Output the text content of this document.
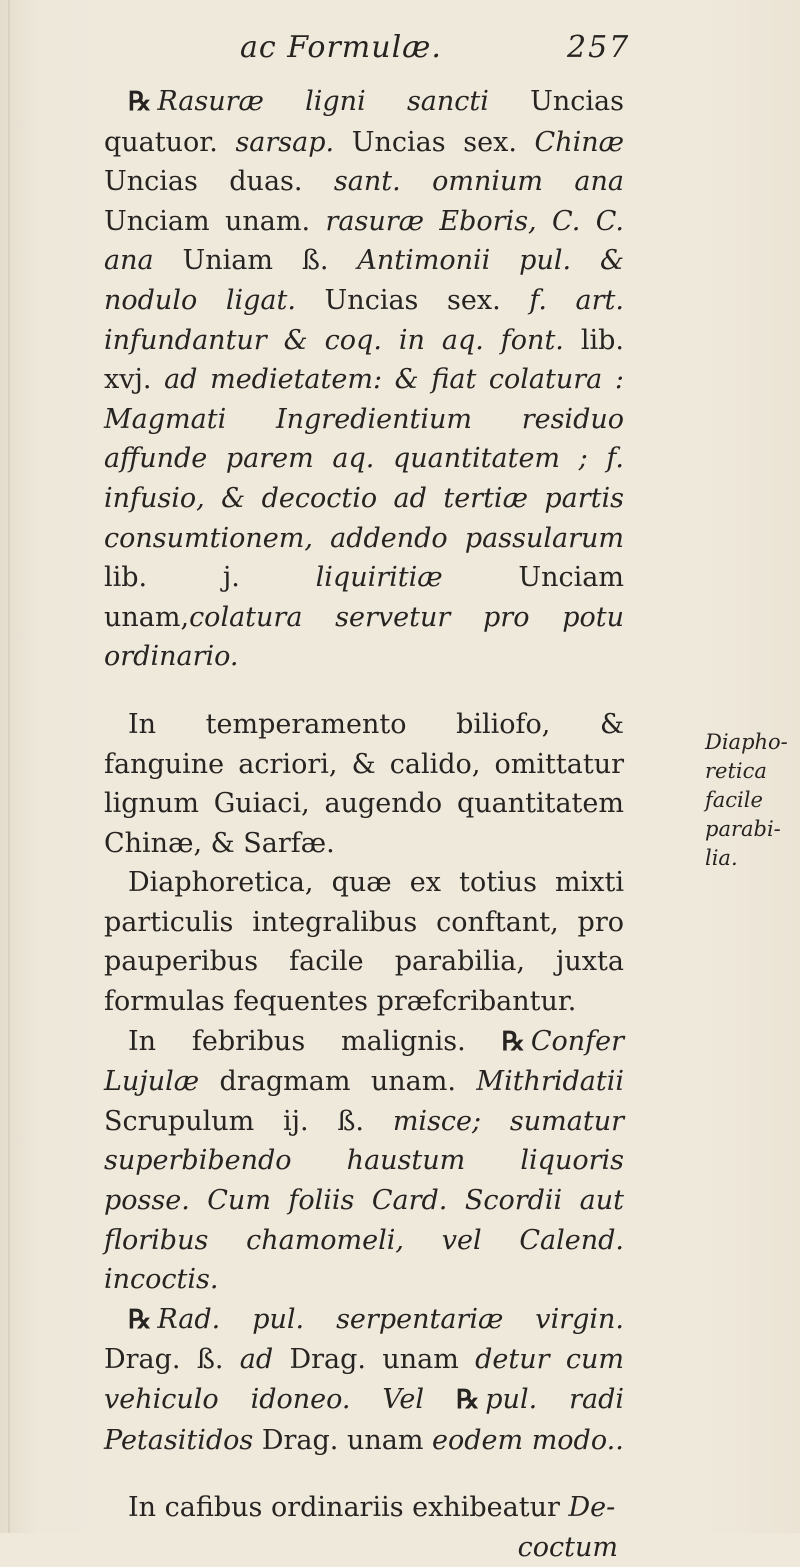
ac Formulæ.	257

℞ Rasuræ ligni sancti Uncias quatuor. sarsap. Uncias sex. Chinæ Uncias duas. sant. omnium ana Unciam unam. rasuræ Eboris, C. C. ana Uniam ß. Antimonii pul. & nodulo ligat. Uncias sex. f. art. infundantur & coq. in aq. font. lib. xvj. ad medietatem: & fiat colatura : Magmati Ingredientium residuo affunde parem aq. quantitatem ; f. infusio, & decoctio ad tertiæ partis consumtionem, addendo passularum lib. j. liquiritiæ Unciam unam,colatura servetur pro potu ordinario.

In temperamento biliofo, & fanguine acriori, & calido, omittatur lignum Guiaci, augendo quantitatem Chinæ, & Sarfæ.

Diaphoretica, quæ ex totius mixti particulis integralibus conftant, pro pauperibus facile parabilia, juxta formulas fequentes præfcribantur.

In febribus malignis. ℞ Confer Lujulæ dragmam unam. Mithridatii Scrupulum ij. ß. misce; sumatur superbibendo haustum liquoris posse. Cum foliis Card. Scordii aut floribus chamomeli, vel Calend. incoctis.

℞ Rad. pul. serpentariæ virgin. Drag. ß. ad Drag. unam detur cum vehiculo idoneo. Vel ℞ pul. radi Petasitidos Drag. unam eodem modo..

In cafibus ordinariis exhibeatur De-

coctum

Diapho-
retica
facile
parabi-
lia.
